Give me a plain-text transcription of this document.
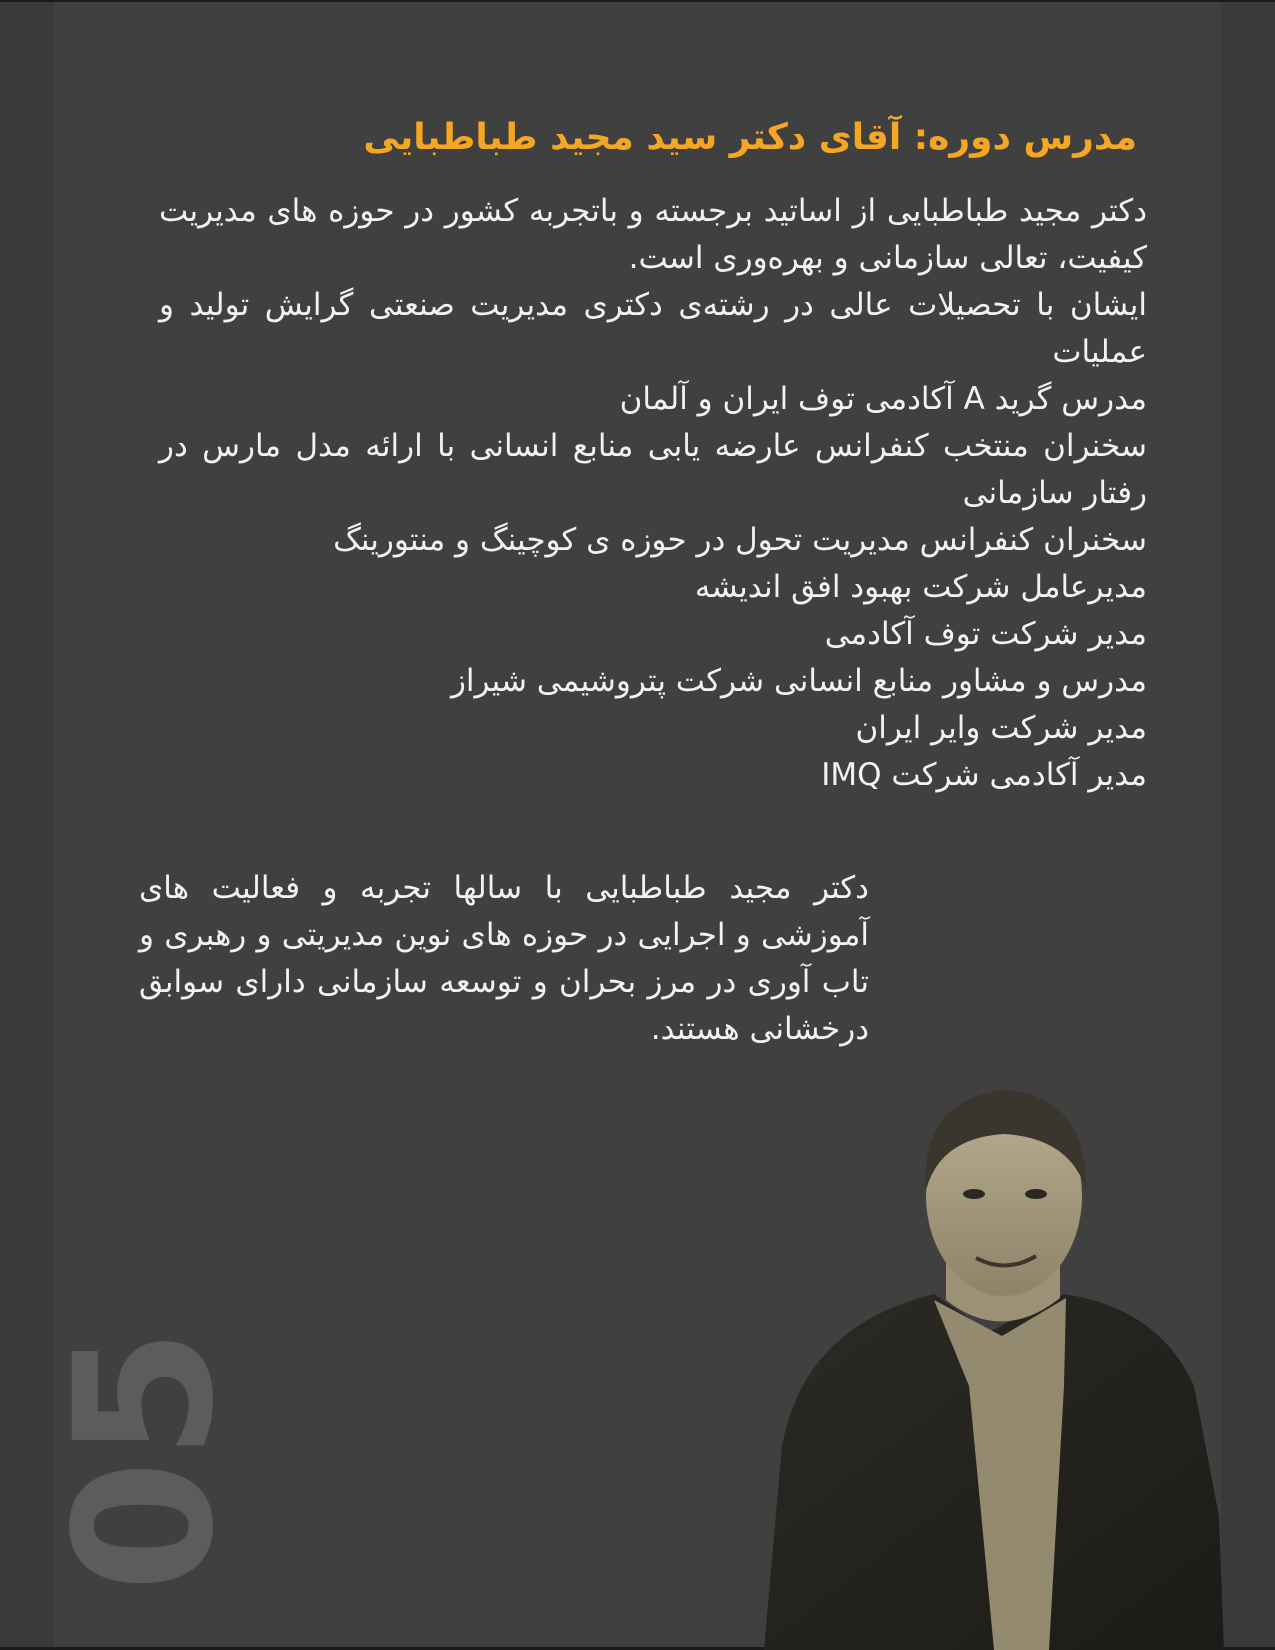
مدرس دوره: آقای دکتر سید مجید طباطبایی

دکتر مجید طباطبایی از اساتید برجسته و باتجربه کشور در حوزه های مدیریت کیفیت، تعالی سازمانی و بهره‌وری است.

ایشان با تحصیلات عالی در رشته‌ی دکتری مدیریت صنعتی گرایش تولید و عملیات

مدرس گرید A آکادمی توف ایران و آلمان

سخنران منتخب کنفرانس عارضه یابی منابع انسانی با ارائه مدل مارس در رفتار سازمانی

سخنران کنفرانس مدیریت تحول در حوزه ی کوچینگ و منتورینگ

مدیرعامل شرکت بهبود افق اندیشه

مدیر شرکت توف آکادمی

مدرس و مشاور منابع انسانی شرکت پتروشیمی شیراز

مدیر شرکت وایر ایران

مدیر آکادمی شرکت IMQ

دکتر مجید طباطبایی با سالها تجربه و فعالیت های آموزشی و اجرایی در حوزه های نوین مدیریتی و رهبری و تاب آوری در مرز بحران و توسعه سازمانی دارای سوابق درخشانی هستند.

05
